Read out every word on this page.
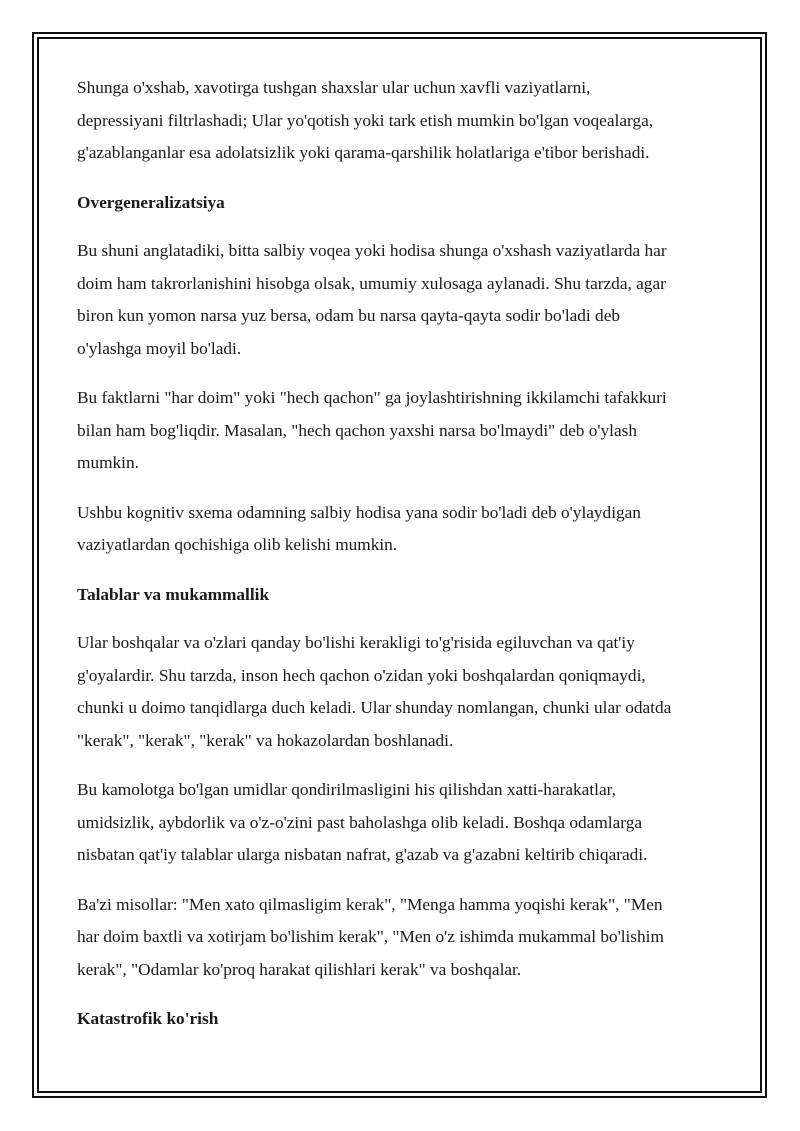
Shunga o'xshab, xavotirga tushgan shaxslar ular uchun xavfli vaziyatlarni,
depressiyani filtrlashadi; Ular yo'qotish yoki tark etish mumkin bo'lgan voqealarga,
g'azablanganlar esa adolatsizlik yoki qarama-qarshilik holatlariga e'tibor berishadi.

Overgeneralizatsiya

Bu shuni anglatadiki, bitta salbiy voqea yoki hodisa shunga o'xshash vaziyatlarda har
doim ham takrorlanishini hisobga olsak, umumiy xulosaga aylanadi. Shu tarzda, agar
biron kun yomon narsa yuz bersa, odam bu narsa qayta-qayta sodir bo'ladi deb
o'ylashga moyil bo'ladi.

Bu faktlarni "har doim" yoki "hech qachon" ga joylashtirishning ikkilamchi tafakkuri
bilan ham bog'liqdir. Masalan, "hech qachon yaxshi narsa bo'lmaydi" deb o'ylash
mumkin.

Ushbu kognitiv sxema odamning salbiy hodisa yana sodir bo'ladi deb o'ylaydigan
vaziyatlardan qochishiga olib kelishi mumkin.

Talablar va mukammallik

Ular boshqalar va o'zlari qanday bo'lishi kerakligi to'g'risida egiluvchan va qat'iy
g'oyalardir. Shu tarzda, inson hech qachon o'zidan yoki boshqalardan qoniqmaydi,
chunki u doimo tanqidlarga duch keladi. Ular shunday nomlangan, chunki ular odatda
"kerak", "kerak", "kerak" va hokazolardan boshlanadi.

Bu kamolotga bo'lgan umidlar qondirilmasligini his qilishdan xatti-harakatlar,
umidsizlik, aybdorlik va o'z-o'zini past baholashga olib keladi. Boshqa odamlarga
nisbatan qat'iy talablar ularga nisbatan nafrat, g'azab va g'azabni keltirib chiqaradi.

Ba'zi misollar: "Men xato qilmasligim kerak", "Menga hamma yoqishi kerak", "Men
har doim baxtli va xotirjam bo'lishim kerak", "Men o'z ishimda mukammal bo'lishim
kerak", "Odamlar ko'proq harakat qilishlari kerak" va boshqalar.

Katastrofik ko'rish
